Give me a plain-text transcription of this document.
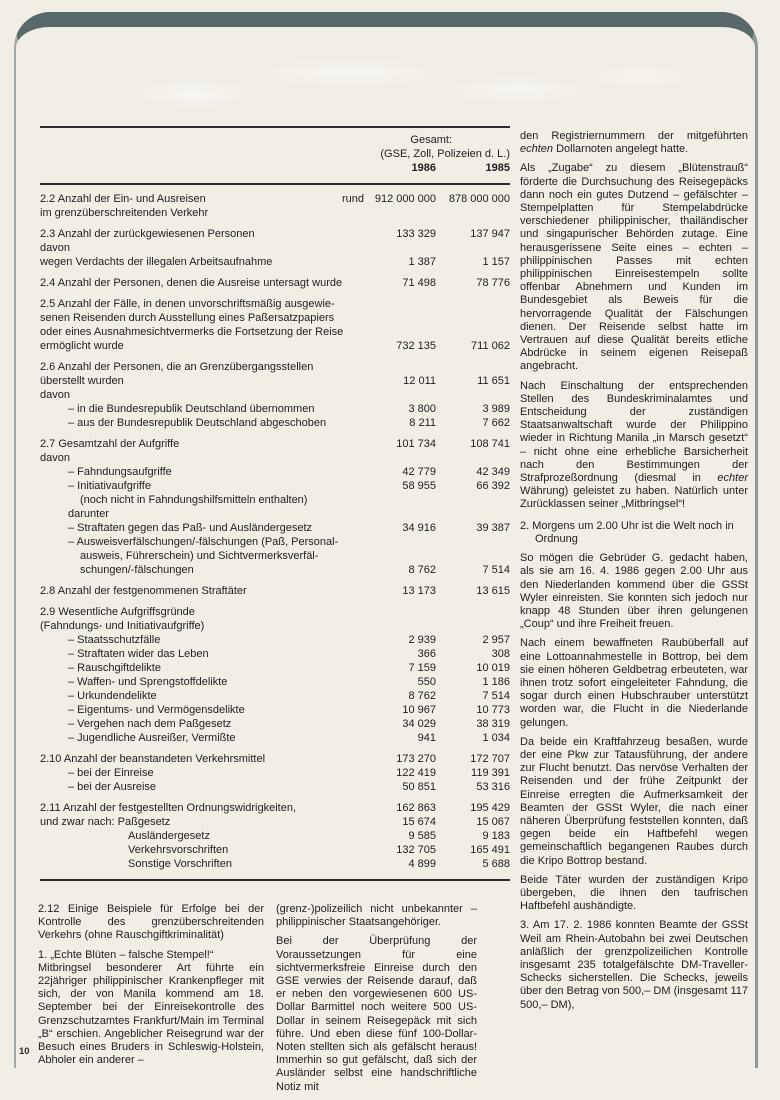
Gesamt:
(GSE, Zoll, Polizeien d. L.)
1986	1985
2.2 Anzahl der Ein- und Ausreisen
im grenzüberschreitenden Verkehr
rund 912 000 000	878 000 000
2.3 Anzahl der zurückgewiesenen Personen	133 329	137 947
davon
wegen Verdachts der illegalen Arbeitsaufnahme	1 387	1 157
2.4 Anzahl der Personen, denen die Ausreise untersagt wurde	71 498	78 776
2.5 Anzahl der Fälle, in denen unvorschriftsmäßig ausgewie-
senen Reisenden durch Ausstellung eines Paßersatzpapiers
oder eines Ausnahmesichtvermerks die Fortsetzung der Reise
ermöglicht wurde	732 135	711 062
2.6 Anzahl der Personen, die an Grenzübergangsstellen
überstellt wurden	12 011	11 651
davon
– in die Bundesrepublik Deutschland übernommen	3 800	3 989
– aus der Bundesrepublik Deutschland abgeschoben	8 211	7 662
2.7 Gesamtzahl der Aufgriffe	101 734	108 741
davon
– Fahndungsaufgriffe	42 779	42 349
– Initiativaufgriffe	58 955	66 392
(noch nicht in Fahndungshilfsmitteln enthalten)
darunter
– Straftaten gegen das Paß- und Ausländergesetz	34 916	39 387
– Ausweisverfälschungen/-fälschungen (Paß, Personal-
ausweis, Führerschein) und Sichtvermerksverfäl-
schungen/-fälschungen	8 762	7 514
2.8 Anzahl der festgenommenen Straftäter	13 173	13 615
2.9 Wesentliche Aufgriffsgründe
(Fahndungs- und Initiativaufgriffe)
– Staatsschutzfälle	2 939	2 957
– Straftaten wider das Leben	366	308
– Rauschgiftdelikte	7 159	10 019
– Waffen- und Sprengstoffdelikte	550	1 186
– Urkundendelikte	8 762	7 514
– Eigentums- und Vermögensdelikte	10 967	10 773
– Vergehen nach dem Paßgesetz	34 029	38 319
– Jugendliche Ausreißer, Vermißte	941	1 034
2.10 Anzahl der beanstandeten Verkehrsmittel	173 270	172 707
– bei der Einreise	122 419	119 391
– bei der Ausreise	50 851	53 316
2.11 Anzahl der festgestellten Ordnungswidrigkeiten,	162 863	195 429
und zwar nach: Paßgesetz	15 674	15 067
Ausländergesetz	9 585	9 183
Verkehrsvorschriften	132 705	165 491
Sonstige Vorschriften	4 899	5 688
den Registriernummern der mitgeführten echten Dollarnoten angelegt hatte.
Als „Zugabe“ zu diesem „Blütenstrauß“ förderte die Durchsuchung des Reisegepäcks dann noch ein gutes Dutzend – gefälschter – Stempelplatten für Stempelabdrücke verschiedener philippinischer, thailändischer und singapurischer Behörden zutage. Eine herausgerissene Seite eines – echten – philippinischen Passes mit echten philippinischen Einreisestempeln sollte offenbar Abnehmern und Kunden im Bundesgebiet als Beweis für die hervorragende Qualität der Fälschungen dienen. Der Reisende selbst hatte im Vertrauen auf diese Qualität bereits etliche Abdrücke in seinem eigenen Reisepaß angebracht.
Nach Einschaltung der entsprechenden Stellen des Bundeskriminalamtes und Entscheidung der zuständigen Staatsanwaltschaft wurde der Philippino wieder in Richtung Manila „in Marsch gesetzt“ – nicht ohne eine erhebliche Barsicherheit nach den Bestimmungen der Strafprozeßordnung (diesmal in echter Währung) geleistet zu haben. Natürlich unter Zurücklassen seiner „Mitbringsel“!
2. Morgens um 2.00 Uhr ist die Welt noch in Ordnung
So mögen die Gebrüder G. gedacht haben, als sie am 16. 4. 1986 gegen 2.00 Uhr aus den Niederlanden kommend über die GSSt Wyler einreisten. Sie konnten sich jedoch nur knapp 48 Stunden über ihren gelungenen „Coup“ und ihre Freiheit freuen.
Nach einem bewaffneten Raubüberfall auf eine Lottoannahmestelle in Bottrop, bei dem sie einen höheren Geldbetrag erbeuteten, war ihnen trotz sofort eingeleiteter Fahndung, die sogar durch einen Hubschrauber unterstützt worden war, die Flucht in die Niederlande gelungen.
Da beide ein Kraftfahrzeug besaßen, wurde der eine Pkw zur Tatausführung, der andere zur Flucht benutzt. Das nervöse Verhalten der Reisenden und der frühe Zeitpunkt der Einreise erregten die Aufmerksamkeit der Beamten der GSSt Wyler, die nach einer näheren Überprüfung feststellen konnten, daß gegen beide ein Haftbefehl wegen gemeinschaftlich begangenen Raubes durch die Kripo Bottrop bestand.
Beide Täter wurden der zuständigen Kripo übergeben, die ihnen den taufrischen Haftbefehl aushändigte.
3. Am 17. 2. 1986 konnten Beamte der GSSt Weil am Rhein-Autobahn bei zwei Deutschen anläßlich der grenzpolizeilichen Kontrolle insgesamt 235 totalgefälschte DM-Traveller-Schecks sicherstellen. Die Schecks, jeweils über den Betrag von 500,– DM (insgesamt 117 500,– DM),
2.12 Einige Beispiele für Erfolge bei der Kontrolle des grenzüberschreitenden Verkehrs (ohne Rauschgiftkriminalität)
1. „Echte Blüten – falsche Stempel!“
Mitbringsel besonderer Art führte ein 22jähriger philippinischer Krankenpfleger mit sich, der von Manila kommend am 18. September bei der Einreisekontrolle des Grenzschutzamtes Frankfurt/Main im Terminal „B“ erschien. Angeblicher Reisegrund war der Besuch eines Bruders in Schleswig-Holstein, Abholer ein anderer –
(grenz-)polizeilich nicht unbekannter – philippinischer Staatsangehöriger.
Bei der Überprüfung der Voraussetzungen für eine sichtvermerksfreie Einreise durch den GSE verwies der Reisende darauf, daß er neben den vorgewiesenen 600 US-Dollar Barmittel noch weitere 500 US-Dollar in seinem Reisegepäck mit sich führe. Und eben diese fünf 100-Dollar-Noten stellten sich als gefälscht heraus! Immerhin so gut gefälscht, daß sich der Ausländer selbst eine handschriftliche Notiz mit
10
